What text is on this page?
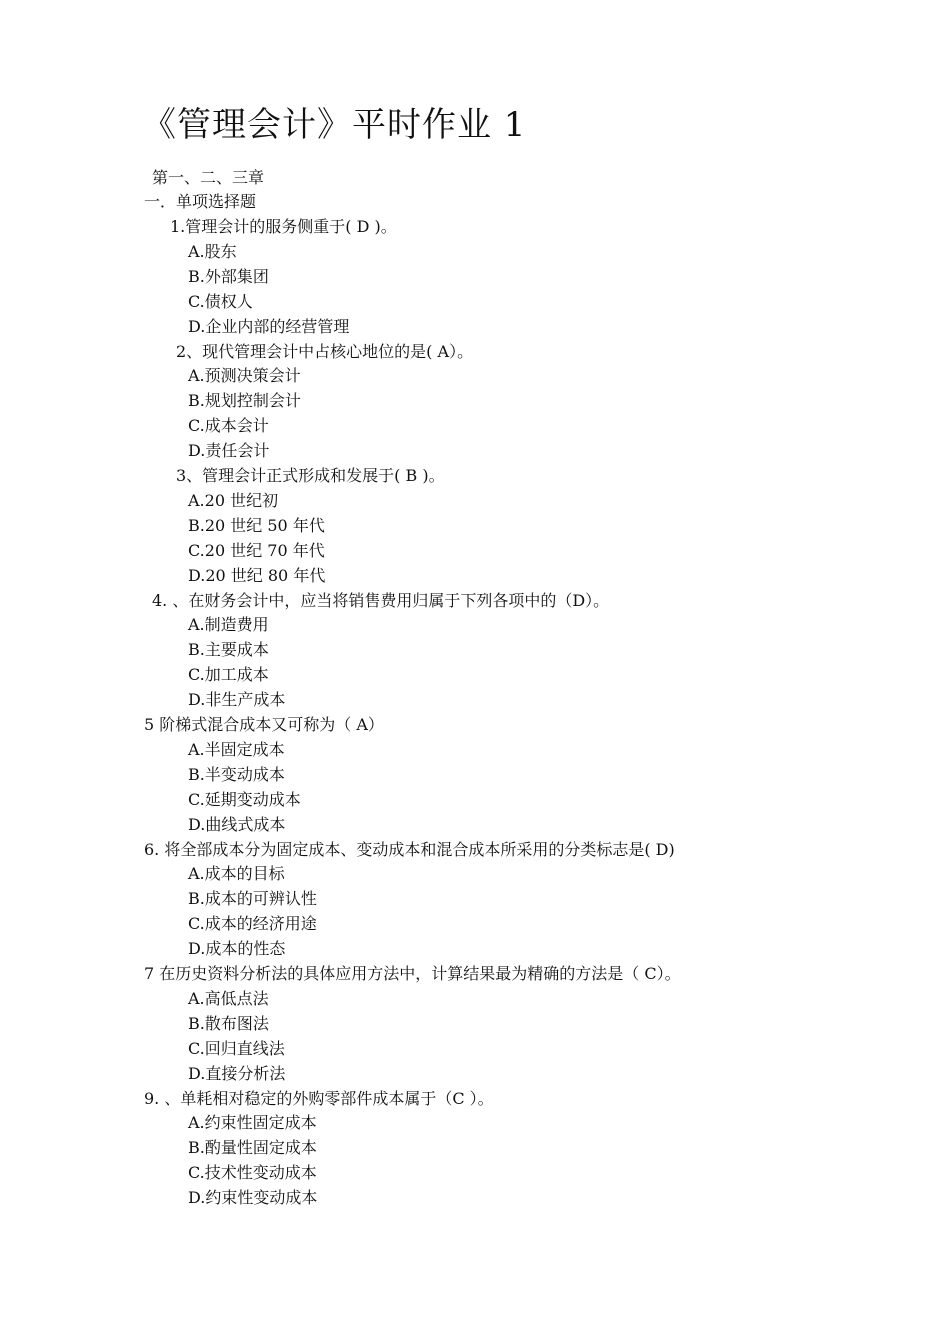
《管理会计》平时作业 1
第一、二、三章
一．单项选择题
1.管理会计的服务侧重于( D )。
A.股东
B.外部集团
C.债权人
D.企业内部的经营管理
2、现代管理会计中占核心地位的是( A）。
A.预测决策会计
B.规划控制会计
C.成本会计
D.责任会计
3、管理会计正式形成和发展于( B )。
A.20 世纪初
B.20 世纪 50 年代
C.20 世纪 70 年代
D.20 世纪 80 年代
4. 、在财务会计中，应当将销售费用归属于下列各项中的（D）。
A.制造费用
B.主要成本
C.加工成本
D.非生产成本
5 阶梯式混合成本又可称为（ A）
A.半固定成本
B.半变动成本
C.延期变动成本
D.曲线式成本
6. 将全部成本分为固定成本、变动成本和混合成本所采用的分类标志是( D)
A.成本的目标
B.成本的可辨认性
C.成本的经济用途
D.成本的性态
7 在历史资料分析法的具体应用方法中，计算结果最为精确的方法是（ C）。
A.高低点法
B.散布图法
C.回归直线法
D.直接分析法
9. 、单耗相对稳定的外购零部件成本属于（C ）。
A.约束性固定成本
B.酌量性固定成本
C.技术性变动成本
D.约束性变动成本
